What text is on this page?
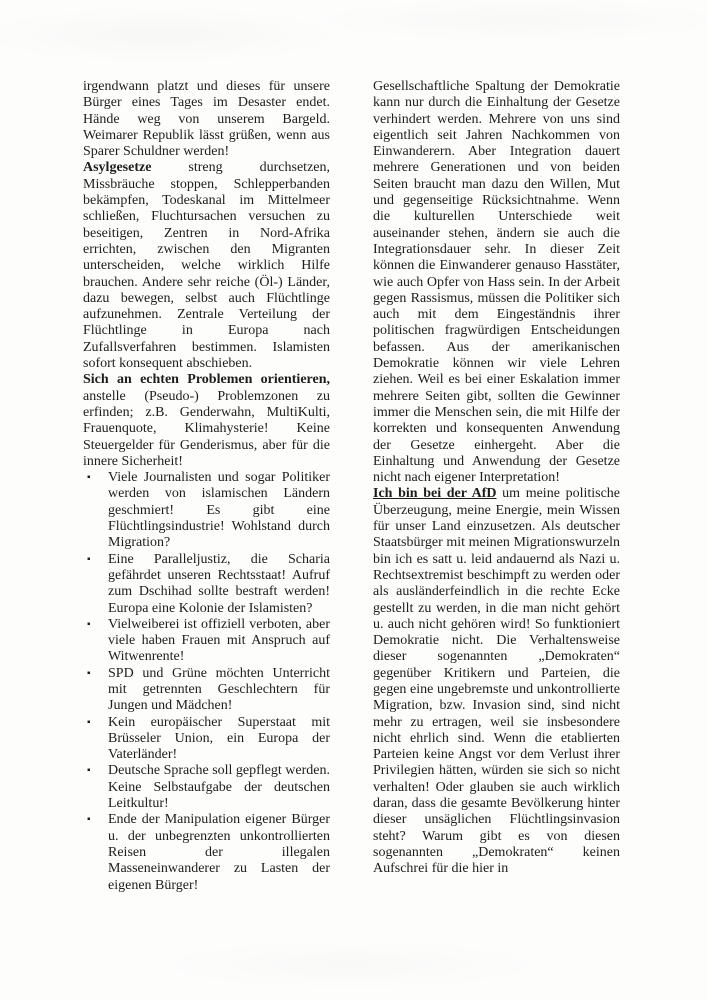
irgendwann platzt und dieses für unsere Bürger eines Tages im Desaster endet. Hände weg von unserem Bargeld. Weimarer Republik lässt grüßen, wenn aus Sparer Schuldner werden!

Asylgesetze	streng durchsetzen, Missbräuche stoppen, Schlepperbanden bekämpfen, Todeskanal im Mittelmeer schließen, Fluchtursachen versuchen zu beseitigen, Zentren in Nord-Afrika errichten, zwischen den Migranten unterscheiden, welche wirklich Hilfe brauchen. Andere sehr reiche (Öl-) Länder, dazu bewegen, selbst auch Flüchtlinge aufzunehmen. Zentrale Verteilung der Flüchtlinge in Europa nach Zufallsverfahren bestimmen. Islamisten sofort konsequent abschieben.

Sich an echten Problemen orientieren, anstelle (Pseudo-) Problemzonen zu erfinden; z.B. Genderwahn, MultiKulti, Frauenquote, Klimahysterie! Keine Steuergelder für Genderismus, aber für die innere Sicherheit!

▪ Viele Journalisten und sogar Politiker werden von islamischen Ländern geschmiert! Es gibt eine Flüchtlingsindustrie! Wohlstand durch Migration?
▪ Eine Paralleljustiz, die Scharia gefährdet unseren Rechtsstaat! Aufruf zum Dschihad sollte bestraft werden! Europa eine Kolonie der Islamisten?
▪ Vielweiberei ist offiziell verboten, aber viele haben Frauen mit Anspruch auf Witwenrente!
▪ SPD und Grüne möchten Unterricht mit getrennten Geschlechtern für Jungen und Mädchen!
▪ Kein europäischer Superstaat mit Brüsseler Union, ein Europa der Vaterländer!
▪ Deutsche Sprache soll gepflegt werden. Keine Selbstaufgabe der deutschen Leitkultur!
▪ Ende der Manipulation eigener Bürger u. der unbegrenzten unkontrollierten Reisen der illegalen Masseneinwanderer zu Lasten der eigenen Bürger!

Gesellschaftliche Spaltung der Demokratie kann nur durch die Einhaltung der Gesetze verhindert werden. Mehrere von uns sind eigentlich seit Jahren Nachkommen von Einwanderern. Aber Integration dauert mehrere Generationen und von beiden Seiten braucht man dazu den Willen, Mut und gegenseitige Rücksichtnahme. Wenn die kulturellen Unterschiede weit auseinander stehen, ändern sie auch die Integrationsdauer sehr. In dieser Zeit können die Einwanderer genauso Hasstäter, wie auch Opfer von Hass sein. In der Arbeit gegen Rassismus, müssen die Politiker sich auch mit dem Eingeständnis ihrer politischen fragwürdigen Entscheidungen befassen. Aus der amerikanischen Demokratie können wir viele Lehren ziehen. Weil es bei einer Eskalation immer mehrere Seiten gibt, sollten die Gewinner immer die Menschen sein, die mit Hilfe der korrekten und konsequenten Anwendung der Gesetze einhergeht. Aber die Einhaltung und Anwendung der Gesetze nicht nach eigener Interpretation!

Ich bin bei der AfD um meine politische Überzeugung, meine Energie, mein Wissen für unser Land einzusetzen. Als deutscher Staatsbürger mit meinen Migrationswurzeln bin ich es satt u. leid andauernd als Nazi u. Rechtsextremist beschimpft zu werden oder als ausländerfeindlich in die rechte Ecke gestellt zu werden, in die man nicht gehört u. auch nicht gehören wird! So funktioniert Demokratie nicht. Die Verhaltensweise dieser sogenannten „Demokraten“ gegenüber Kritikern und Parteien, die gegen eine ungebremste und unkontrollierte Migration, bzw. Invasion sind, sind nicht mehr zu ertragen, weil sie insbesondere nicht ehrlich sind. Wenn die etablierten Parteien keine Angst vor dem Verlust ihrer Privilegien hätten, würden sie sich so nicht verhalten! Oder glauben sie auch wirklich daran, dass die gesamte Bevölkerung hinter dieser unsäglichen Flüchtlingsinvasion steht? Warum gibt es von diesen sogenannten „Demokraten“ keinen Aufschrei für die hier in
